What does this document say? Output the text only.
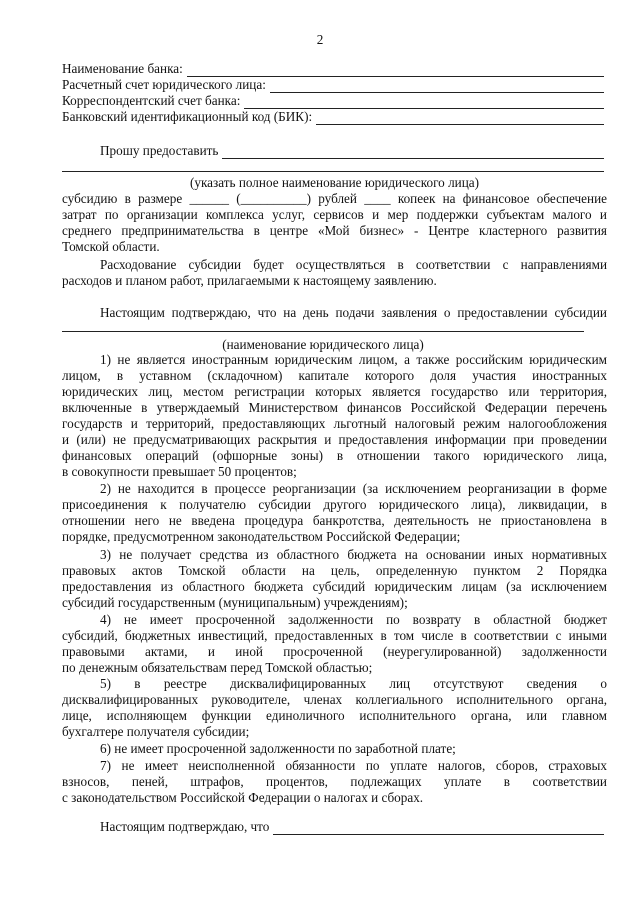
2
Наименование банка:
Расчетный счет юридического лица:
Корреспондентский счет банка:
Банковский идентификационный код (БИК):
Прошу предоставить
(указать полное наименование юридического лица)
субсидию в размере ______ (__________) рублей ____ копеек на финансовое обеспечение
затрат по организации комплекса услуг, сервисов и мер поддержки субъектам малого и
среднего предпринимательства в центре «Мой бизнес» - Центре кластерного развития
Томской области.
Расходование субсидии будет осуществляться в соответствии с направлениями
расходов и планом работ, прилагаемыми к настоящему заявлению.
Настоящим подтверждаю, что на день подачи заявления о предоставлении субсидии
(наименование юридического лица)
1) не является иностранным юридическим лицом, а также российским юридическим
лицом, в уставном (складочном) капитале которого доля участия иностранных
юридических лиц, местом регистрации которых является государство или территория,
включенные в утверждаемый Министерством финансов Российской Федерации перечень
государств и территорий, предоставляющих льготный налоговый режим налогообложения
и (или) не предусматривающих раскрытия и предоставления информации при проведении
финансовых операций (офшорные зоны) в отношении такого юридического лица,
в совокупности превышает 50 процентов;
2) не находится в процессе реорганизации (за исключением реорганизации в форме
присоединения к получателю субсидии другого юридического лица), ликвидации, в
отношении него не введена процедура банкротства, деятельность не приостановлена в
порядке, предусмотренном законодательством Российской Федерации;
3) не получает средства из областного бюджета на основании иных нормативных
правовых актов Томской области на цель, определенную пунктом 2 Порядка
предоставления из областного бюджета субсидий юридическим лицам (за исключением
субсидий государственным (муниципальным) учреждениям);
4) не имеет просроченной задолженности по возврату в областной бюджет
субсидий, бюджетных инвестиций, предоставленных в том числе в соответствии с иными
правовыми актами, и иной просроченной (неурегулированной) задолженности
по денежным обязательствам перед Томской областью;
5) в реестре дисквалифицированных лиц отсутствуют сведения о
дисквалифицированных руководителе, членах коллегиального исполнительного органа,
лице, исполняющем функции единоличного исполнительного органа, или главном
бухгалтере получателя субсидии;
6) не имеет просроченной задолженности по заработной плате;
7) не имеет неисполненной обязанности по уплате налогов, сборов, страховых
взносов, пеней, штрафов, процентов, подлежащих уплате в соответствии
с законодательством Российской Федерации о налогах и сборах.
Настоящим подтверждаю, что
